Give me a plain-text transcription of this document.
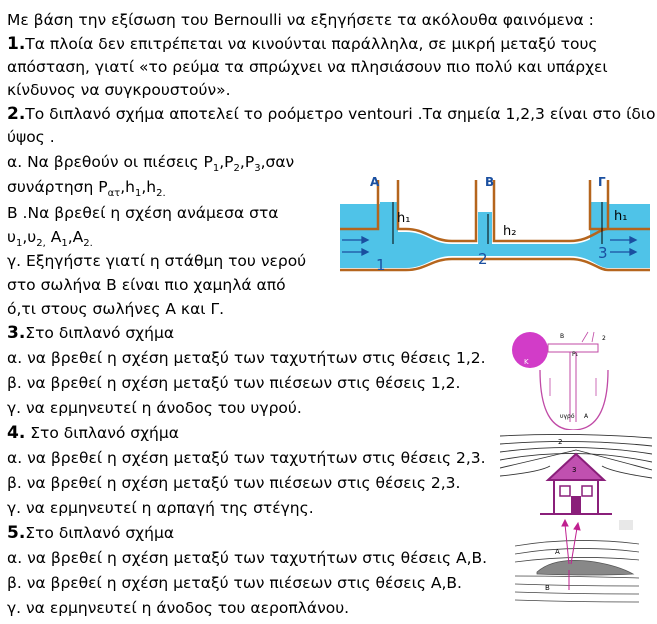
Με βάση την εξίσωση του Bernoulli να εξηγήσετε τα ακόλουθα φαινόμενα :
1.Τα πλοία δεν επιτρέπεται να κινούνται παράλληλα, σε μικρή μεταξύ τους
απόσταση, γιατί «το ρεύμα τα σπρώχνει να πλησιάσουν πιο πολύ και υπάρχει
κίνδυνος να συγκρουστούν».
2.Το διπλανό σχήμα αποτελεί το ροόμετρο ventouri .Τα σημεία 1,2,3 είναι στο ίδιο
ύψος .
α. Να βρεθούν οι πιέσεις $P_1,P_2,P_3,\sigma\alpha\nu$
συνάρτηση $P_{\alpha\tau},h_1,h_{2.}$
Β .Να βρεθεί η σχέση ανάμεσα στα
$\upsilon_1,\upsilon_{2,}$ $A_1,A_{2.}$
γ. Εξηγήστε γιατί η στάθμη του νερού
στο σωλήνα Β είναι πιο χαμηλά από
ό,τι στους σωλήνες Α και Γ.
3.Στο διπλανό σχήμα
α. να βρεθεί η σχέση μεταξύ των ταχυτήτων στις θέσεις 1,2.
β. να βρεθεί η σχέση μεταξύ των πιέσεων στις θέσεις 1,2.
γ. να ερμηνευτεί η άνοδος του υγρού.
4. Στο διπλανό σχήμα
α. να βρεθεί η σχέση μεταξύ των ταχυτήτων στις θέσεις 2,3.
β. να βρεθεί η σχέση μεταξύ των πιέσεων στις θέσεις 2,3.
γ. να ερμηνευτεί η αρπαγή της στέγης.
5.Στο διπλανό σχήμα
α. να βρεθεί η σχέση μεταξύ των ταχυτήτων στις θέσεις Α,Β.
β. να βρεθεί η σχέση μεταξύ των πιέσεων στις θέσεις Α,Β.
γ. να ερμηνευτεί η άνοδος του αεροπλάνου.
A	B	Γ
h₁
h₂
h₁
1	2	3
K
B
P₁
2
υγρό A
2
3
A
B
